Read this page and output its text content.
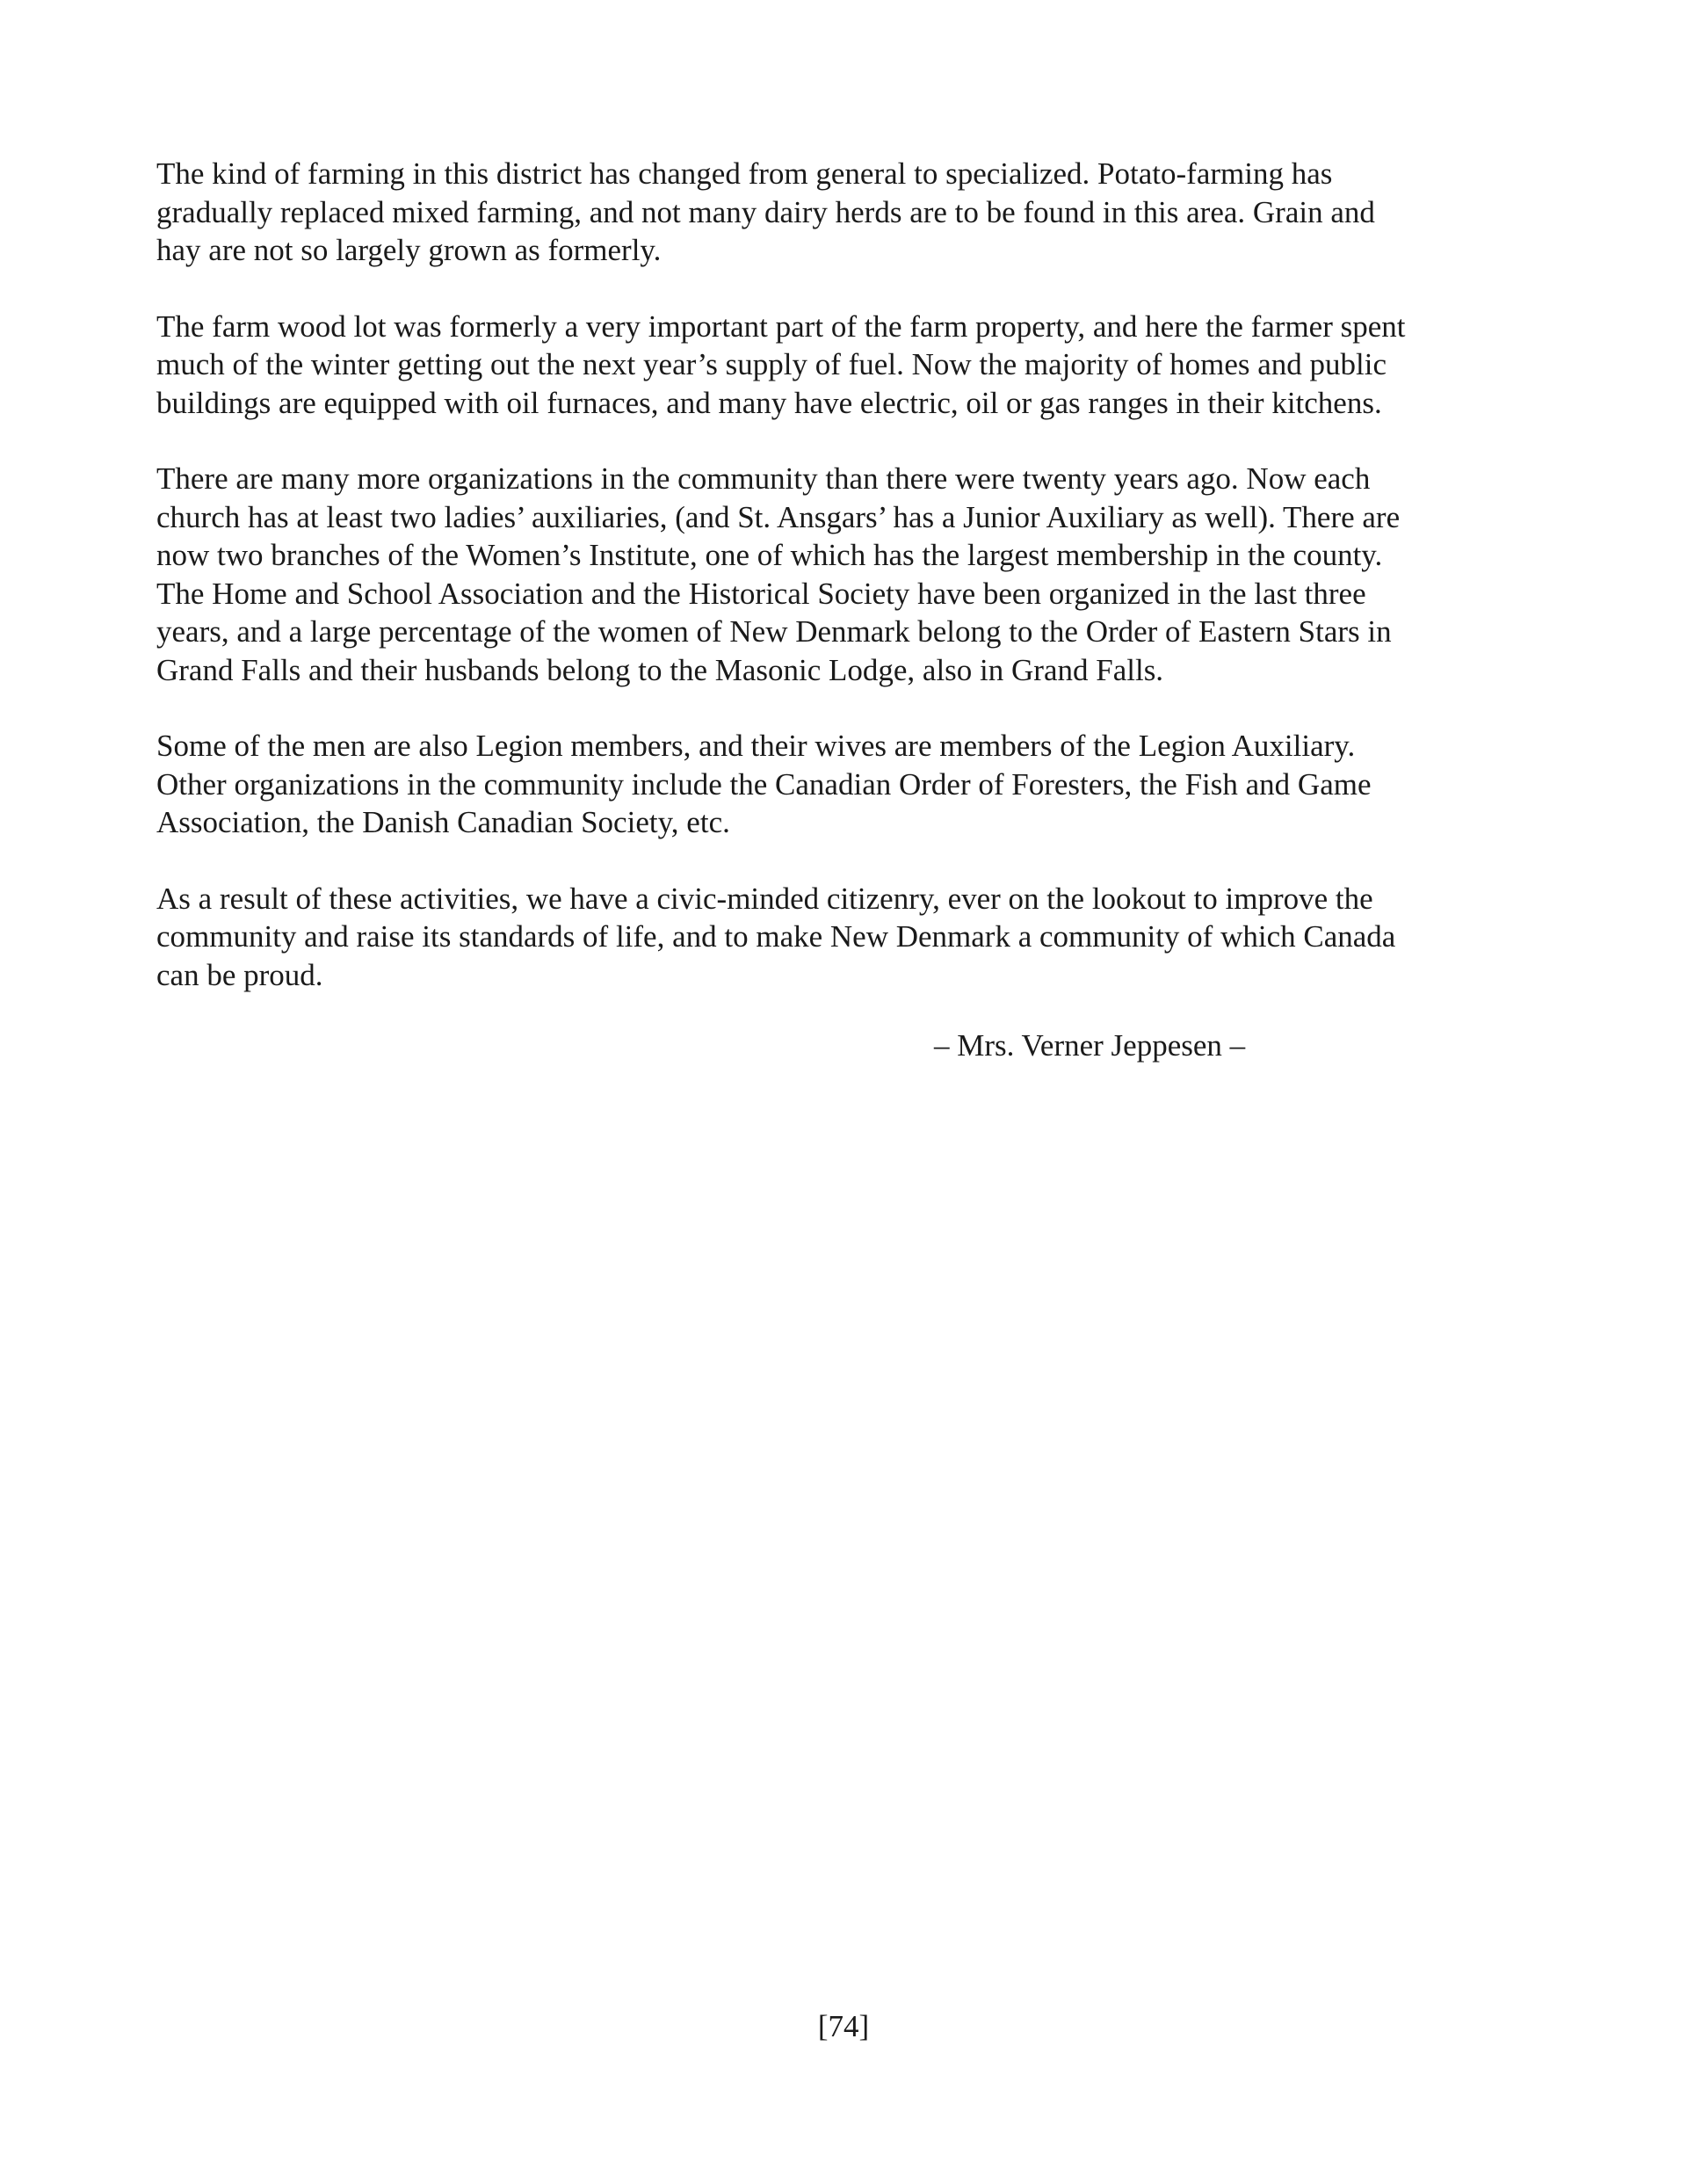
The kind of farming in this district has changed from general to specialized. Potato-farming has
gradually replaced mixed farming, and not many dairy herds are to be found in this area. Grain and
hay are not so largely grown as formerly.

The farm wood lot was formerly a very important part of the farm property, and here the farmer spent
much of the winter getting out the next year’s supply of fuel. Now the majority of homes and public
buildings are equipped with oil furnaces, and many have electric, oil or gas ranges in their kitchens.

There are many more organizations in the community than there were twenty years ago. Now each
church has at least two ladies’ auxiliaries, (and St. Ansgars’ has a Junior Auxiliary as well). There are
now two branches of the Women’s Institute, one of which has the largest membership in the county.
The Home and School Association and the Historical Society have been organized in the last three
years, and a large percentage of the women of New Denmark belong to the Order of Eastern Stars in
Grand Falls and their husbands belong to the Masonic Lodge, also in Grand Falls.

Some of the men are also Legion members, and their wives are members of the Legion Auxiliary.
Other organizations in the community include the Canadian Order of Foresters, the Fish and Game
Association, the Danish Canadian Society, etc.

As a result of these activities, we have a civic-minded citizenry, ever on the lookout to improve the
community and raise its standards of life, and to make New Denmark a community of which Canada
can be proud.

– Mrs. Verner Jeppesen –
[74]
